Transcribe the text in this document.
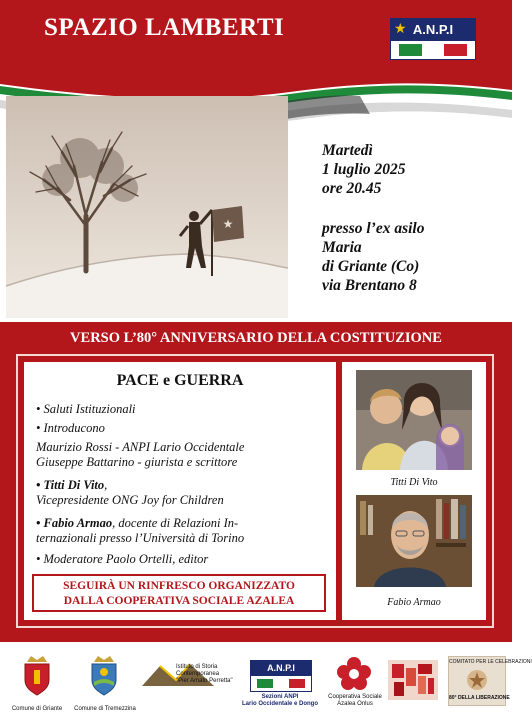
SPAZIO LAMBERTI	A.N.P.I
★
★
Martedì
1 luglio 2025
ore 20.45
presso l’ex asilo
Maria
di Griante (Co)
via Brentano 8
VERSO L’80° ANNIVERSARIO DELLA COSTITUZIONE
PACE e GUERRA
• Saluti Istituzionali
• Introducono
Maurizio Rossi - ANPI Lario Occidentale
Giuseppe Battarino - giurista e scrittore
• Titti Di Vito,
Vicepresidente ONG Joy for Children
• Fabio Armao, docente di Relazioni In-
ternazionali presso l’Università di Torino
• Moderatore Paolo Ortelli, editor
SEGUIRÀ UN RINFRESCO ORGANIZZATO
DALLA COOPERATIVA SOCIALE AZALEA
Titti Di Vito
Fabio Armao
Comune di Griante	Comune di Tremezzina
Istituto di Storia
Contemporanea
"Pier Amato Perretta"
A.N.P.I
Sezioni ANPI
Lario Occidentale e Dongo
Cooperativa Sociale
Azalea Onlus
COMITATO PER LE CELEBRAZIONI
80° DELLA LIBERAZIONE
